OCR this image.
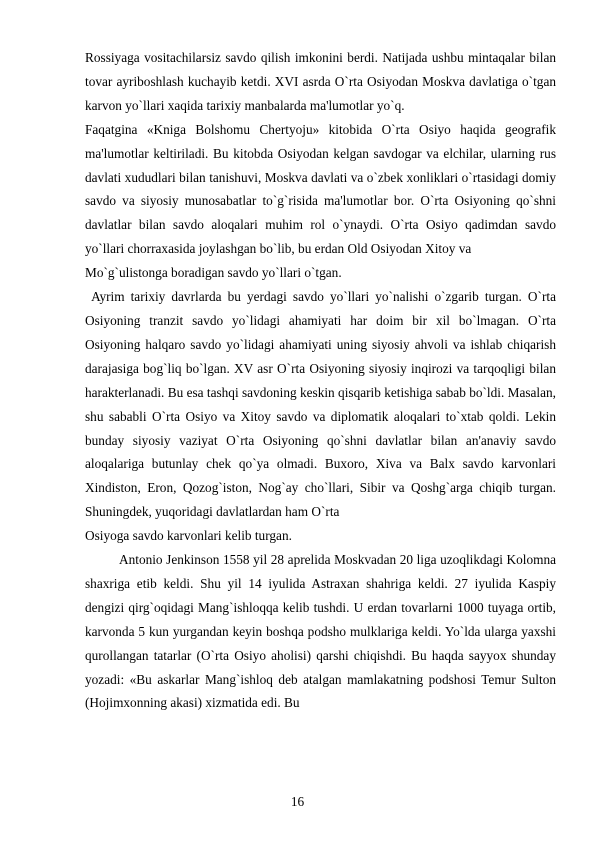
Rossiyaga vositachilarsiz savdo qilish imkonini berdi. Natijada ushbu mintaqalar bilan tovar ayriboshlash kuchayib ketdi. XVI asrda O`rta Osiyodan Moskva davlatiga o`tgan karvon yo`llari xaqida tarixiy manbalarda ma'lumotlar yo`q.

Faqatgina «Kniga Bolshomu Chertyoju» kitobida O`rta Osiyo haqida geografik ma'lumotlar keltiriladi. Bu kitobda Osiyodan kelgan savdogar va elchilar, ularning rus davlati xududlari bilan tanishuvi, Moskva davlati va o`zbek xonliklari o`rtasidagi domiy savdo va siyosiy munosabatlar to`g`risida ma'lumotlar bor. O`rta Osiyoning qo`shni davlatlar bilan savdo aloqalari muhim rol o`ynaydi. O`rta Osiyo qadimdan savdo yo`llari chorraxasida joylashgan bo`lib, bu erdan Old Osiyodan Xitoy va

Mo`g`ulistonga boradigan savdo yo`llari o`tgan.

Ayrim tarixiy davrlarda bu yerdagi savdo yo`llari yo`nalishi o`zgarib turgan. O`rta Osiyoning tranzit savdo yo`lidagi ahamiyati har doim bir xil bo`lmagan. O`rta Osiyoning halqaro savdo yo`lidagi ahamiyati uning siyosiy ahvoli va ishlab chiqarish darajasiga bog`liq bo`lgan. XV asr O`rta Osiyoning siyosiy inqirozi va tarqoqligi bilan harakterlanadi. Bu esa tashqi savdoning keskin qisqarib ketishiga sabab bo`ldi. Masalan, shu sababli O`rta Osiyo va Xitoy savdo va diplomatik aloqalari to`xtab qoldi. Lekin bunday siyosiy vaziyat O`rta Osiyoning qo`shni davlatlar bilan an'anaviy savdo aloqalariga butunlay chek qo`ya olmadi. Buxoro, Xiva va Balx savdo karvonlari Xindiston, Eron, Qozog`iston, Nog`ay cho`llari, Sibir va Qoshg`arga chiqib turgan. Shuningdek, yuqoridagi davlatlardan ham O`rta

Osiyoga savdo karvonlari kelib turgan.

Antonio Jenkinson 1558 yil 28 aprelida Moskvadan 20 liga uzoqlikdagi Kolomna shaxriga etib keldi. Shu yil 14 iyulida Astraxan shahriga keldi. 27 iyulida Kaspiy dengizi qirg`oqidagi Mang`ishloqqa kelib tushdi. U erdan tovarlarni 1000 tuyaga ortib, karvonda 5 kun yurgandan keyin boshqa podsho mulklariga keldi. Yo`lda ularga yaxshi qurollangan tatarlar (O`rta Osiyo aholisi) qarshi chiqishdi. Bu haqda sayyox shunday yozadi: «Bu askarlar Mang`ishloq deb atalgan mamlakatning podshosi Temur Sulton (Hojimxonning akasi) xizmatida edi. Bu

16
